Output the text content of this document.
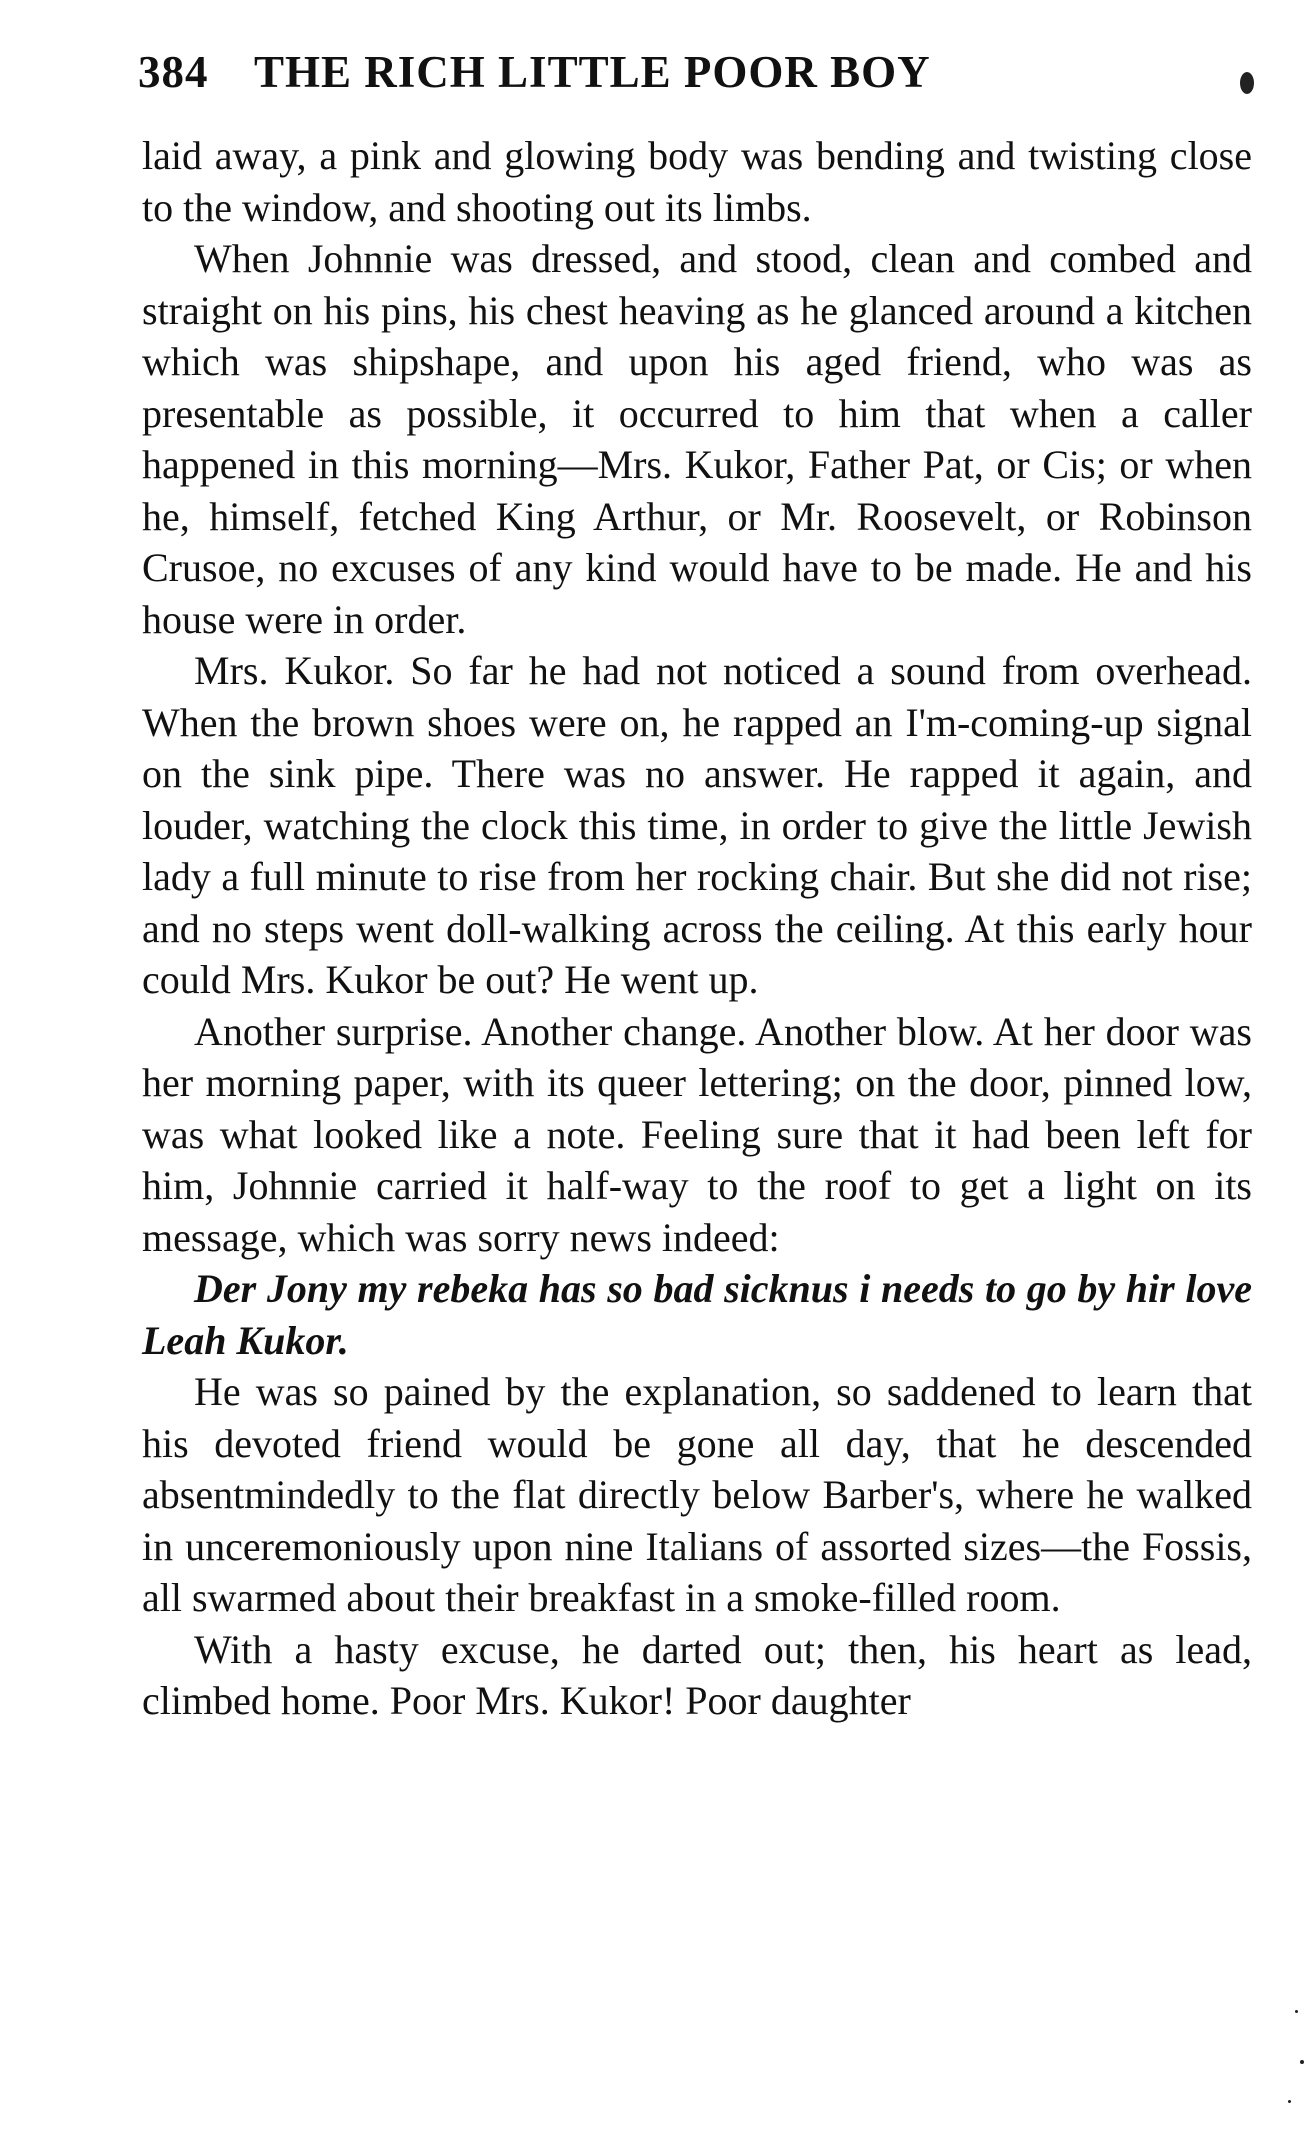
384 THE RICH LITTLE POOR BOY

laid away, a pink and glowing body was bending and twisting close to the window, and shooting out its limbs.

When Johnnie was dressed, and stood, clean and combed and straight on his pins, his chest heaving as he glanced around a kitchen which was shipshape, and upon his aged friend, who was as presentable as possible, it occurred to him that when a caller happened in this morning—Mrs. Kukor, Father Pat, or Cis; or when he, himself, fetched King Arthur, or Mr. Roosevelt, or Robinson Crusoe, no excuses of any kind would have to be made. He and his house were in order.

Mrs. Kukor. So far he had not noticed a sound from overhead. When the brown shoes were on, he rapped an I'm-coming-up signal on the sink pipe. There was no answer. He rapped it again, and louder, watching the clock this time, in order to give the little Jewish lady a full minute to rise from her rocking chair. But she did not rise; and no steps went doll-walking across the ceiling. At this early hour could Mrs. Kukor be out? He went up.

Another surprise. Another change. Another blow. At her door was her morning paper, with its queer lettering; on the door, pinned low, was what looked like a note. Feeling sure that it had been left for him, Johnnie carried it half-way to the roof to get a light on its message, which was sorry news indeed:

Der Jony my rebeka has so bad sicknus i needs to go by hir love Leah Kukor.

He was so pained by the explanation, so saddened to learn that his devoted friend would be gone all day, that he descended absentmindedly to the flat directly below Barber's, where he walked in unceremoniously upon nine Italians of assorted sizes—the Fossis, all swarmed about their breakfast in a smoke-filled room.

With a hasty excuse, he darted out; then, his heart as lead, climbed home. Poor Mrs. Kukor! Poor daughter
